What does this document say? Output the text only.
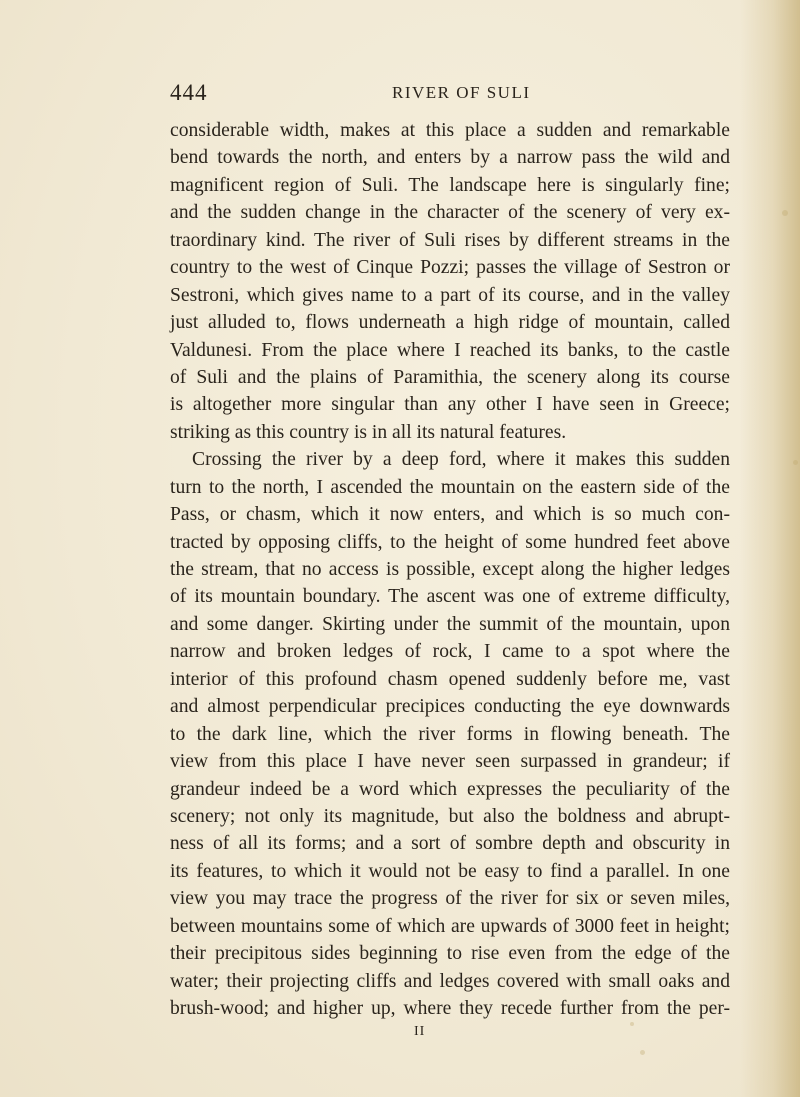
444	RIVER OF SULI
considerable width, makes at this place a sudden and remarkable
bend towards the north, and enters by a narrow pass the wild and
magnificent region of Suli. The landscape here is singularly fine;
and the sudden change in the character of the scenery of very ex-
traordinary kind. The river of Suli rises by different streams in the
country to the west of Cinque Pozzi; passes the village of Sestron or
Sestroni, which gives name to a part of its course, and in the valley
just alluded to, flows underneath a high ridge of mountain, called
Valdunesi. From the place where I reached its banks, to the castle
of Suli and the plains of Paramithia, the scenery along its course
is altogether more singular than any other I have seen in Greece;
striking as this country is in all its natural features.
Crossing the river by a deep ford, where it makes this sudden
turn to the north, I ascended the mountain on the eastern side of the
Pass, or chasm, which it now enters, and which is so much con-
tracted by opposing cliffs, to the height of some hundred feet above
the stream, that no access is possible, except along the higher ledges
of its mountain boundary. The ascent was one of extreme difficulty,
and some danger. Skirting under the summit of the mountain, upon
narrow and broken ledges of rock, I came to a spot where the
interior of this profound chasm opened suddenly before me, vast
and almost perpendicular precipices conducting the eye downwards
to the dark line, which the river forms in flowing beneath. The
view from this place I have never seen surpassed in grandeur; if
grandeur indeed be a word which expresses the peculiarity of the
scenery; not only its magnitude, but also the boldness and abrupt-
ness of all its forms; and a sort of sombre depth and obscurity in
its features, to which it would not be easy to find a parallel. In one
view you may trace the progress of the river for six or seven miles,
between mountains some of which are upwards of 3000 feet in height;
their precipitous sides beginning to rise even from the edge of the
water; their projecting cliffs and ledges covered with small oaks and
brush-wood; and higher up, where they recede further from the per-
II
